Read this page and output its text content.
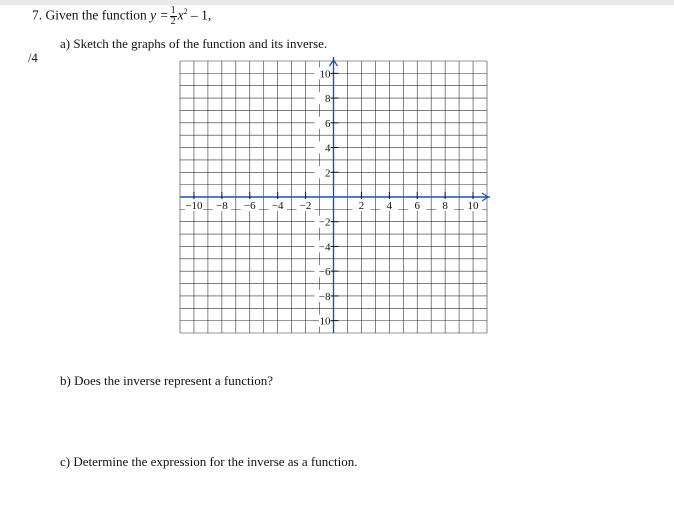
7. Given the function $y = \frac{1}{2} x^2 - 1$,
a) Sketch the graphs of the function and its inverse.
/4
−10 −8 −6 −4 −2	2 4 6 8 10
10
8
6
4
2
−2
−4
−6
−8
−10
b) Does the inverse represent a function?
c) Determine the expression for the inverse as a function.
